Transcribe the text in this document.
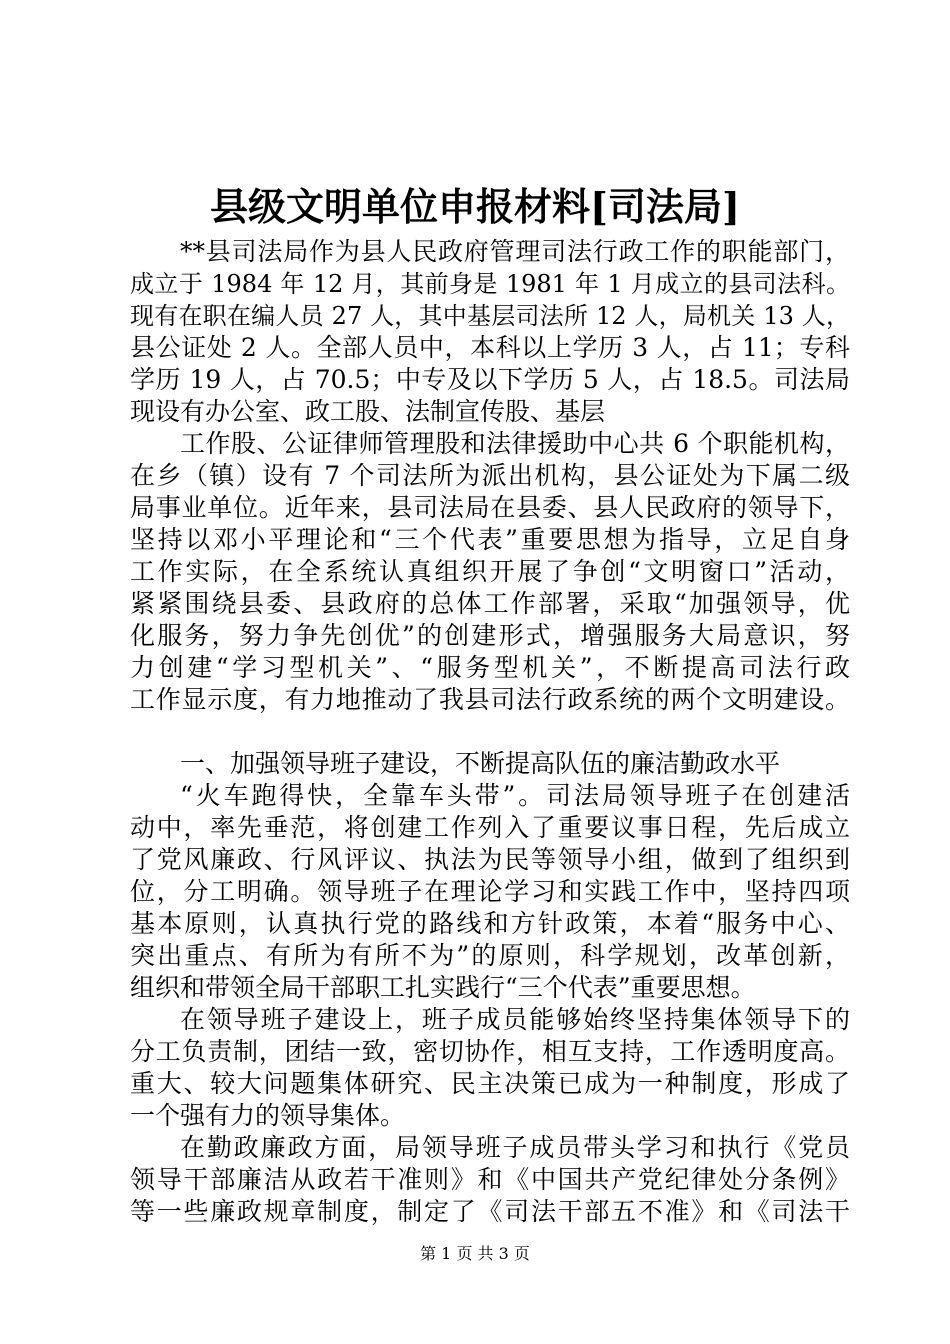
县级文明单位申报材料[司法局]
**县司法局作为县人民政府管理司法行政工作的职能部门，
成立于 1984 年 12 月，其前身是 1981 年 1 月成立的县司法科。
现有在职在编人员 27 人，其中基层司法所 12 人，局机关 13 人，
县公证处 2 人。全部人员中，本科以上学历 3 人，占 11；专科
学历 19 人，占 70.5；中专及以下学历 5 人，占 18.5。司法局
现设有办公室、政工股、法制宣传股、基层
工作股、公证律师管理股和法律援助中心共 6 个职能机构，
在乡（镇）设有 7 个司法所为派出机构，县公证处为下属二级
局事业单位。近年来，县司法局在县委、县人民政府的领导下，
坚持以邓小平理论和“三个代表”重要思想为指导，立足自身
工作实际，在全系统认真组织开展了争创“文明窗口”活动，
紧紧围绕县委、县政府的总体工作部署，采取“加强领导，优
化服务，努力争先创优”的创建形式，增强服务大局意识，努
力创建“学习型机关”、“服务型机关”，不断提高司法行政
工作显示度，有力地推动了我县司法行政系统的两个文明建设。
一、加强领导班子建设，不断提高队伍的廉洁勤政水平
“火车跑得快，全靠车头带”。司法局领导班子在创建活
动中，率先垂范，将创建工作列入了重要议事日程，先后成立
了党风廉政、行风评议、执法为民等领导小组，做到了组织到
位，分工明确。领导班子在理论学习和实践工作中，坚持四项
基本原则，认真执行党的路线和方针政策，本着“服务中心、
突出重点、有所为有所不为”的原则，科学规划，改革创新，
组织和带领全局干部职工扎实践行“三个代表”重要思想。
在领导班子建设上，班子成员能够始终坚持集体领导下的
分工负责制，团结一致，密切协作，相互支持，工作透明度高。
重大、较大问题集体研究、民主决策已成为一种制度，形成了
一个强有力的领导集体。
在勤政廉政方面，局领导班子成员带头学习和执行《党员
领导干部廉洁从政若干准则》和《中国共产党纪律处分条例》
等一些廉政规章制度，制定了《司法干部五不准》和《司法干
第 1 页 共 3 页
